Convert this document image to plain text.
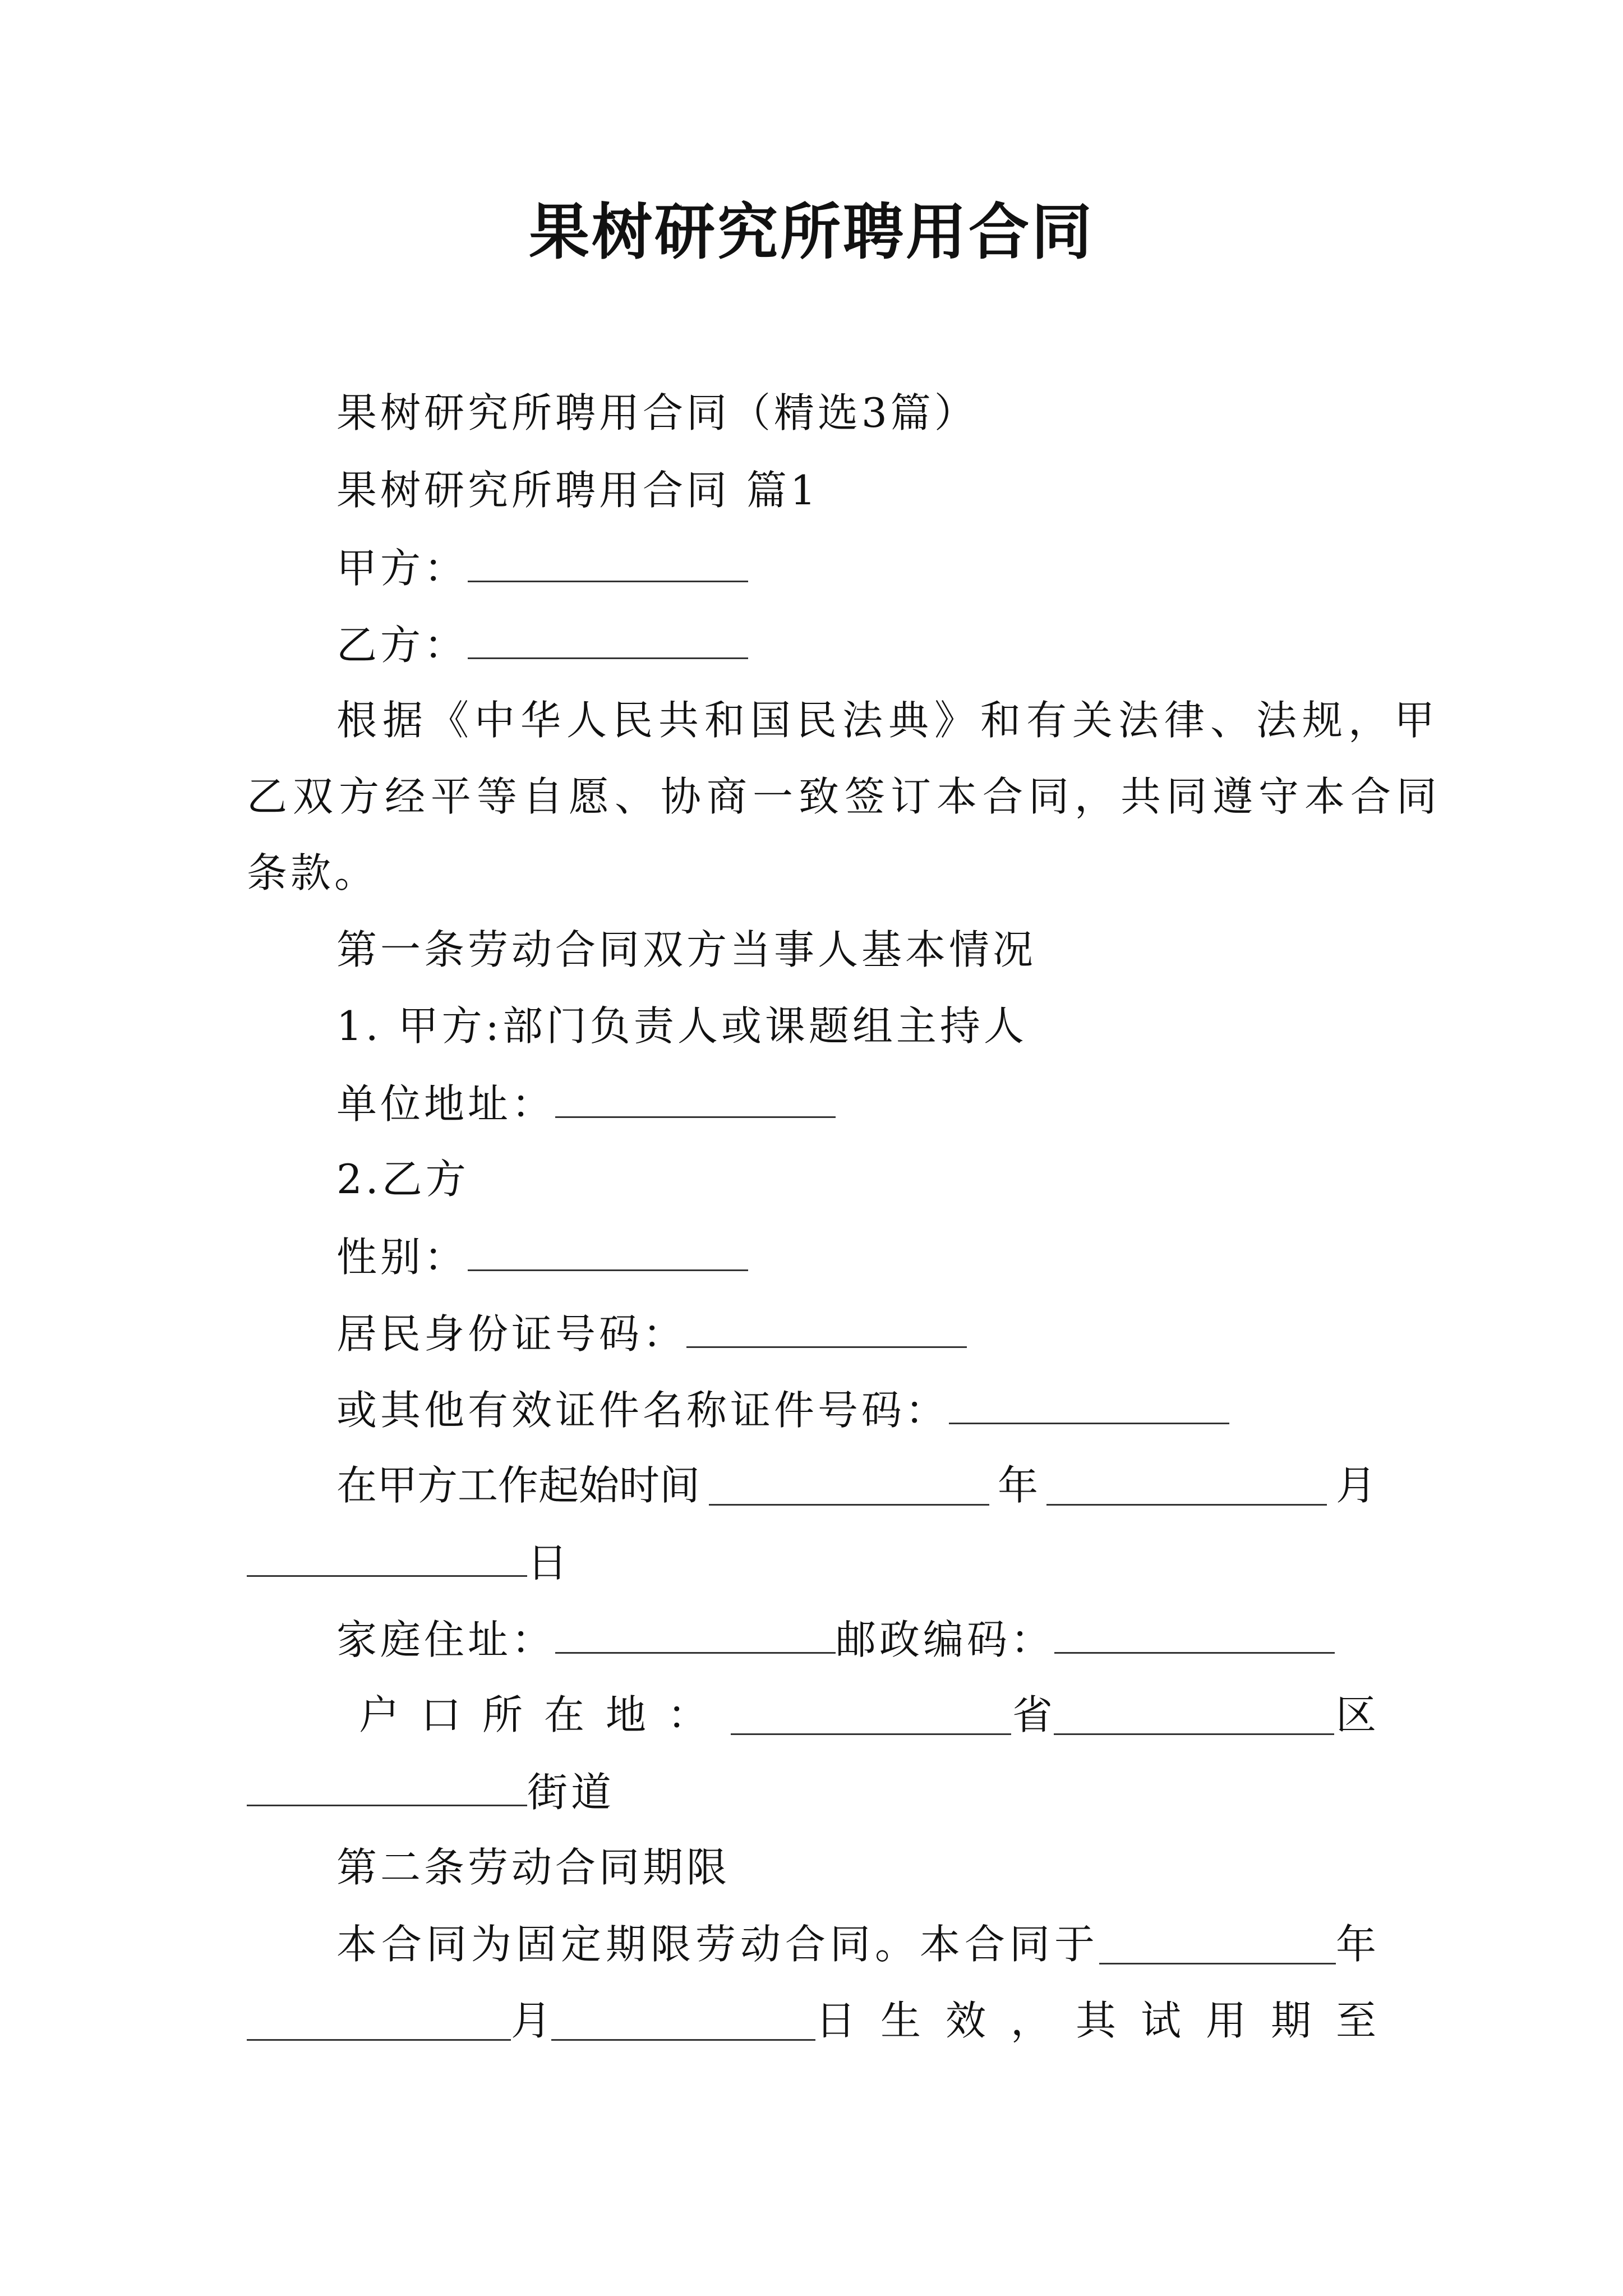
果树研究所聘用合同
果树研究所聘用合同（精选3篇）
果树研究所聘用合同 篇1
甲方：
乙方：
根据《中华人民共和国民法典》和有关法律、法规，甲
乙双方经平等自愿、协商一致签订本合同，共同遵守本合同
条款。
第一条劳动合同双方当事人基本情况
1. 甲方:部门负责人或课题组主持人
单位地址：
2.乙方
性别：
居民身份证号码：
或其他有效证件名称证件号码：
在甲方工作起始时间	年	月
日
家庭住址：	邮政编码：
户口所在地：	省	区
街道
第二条劳动合同期限
本合同为固定期限劳动合同。本合同于	年
月	日生效，其试用期至
